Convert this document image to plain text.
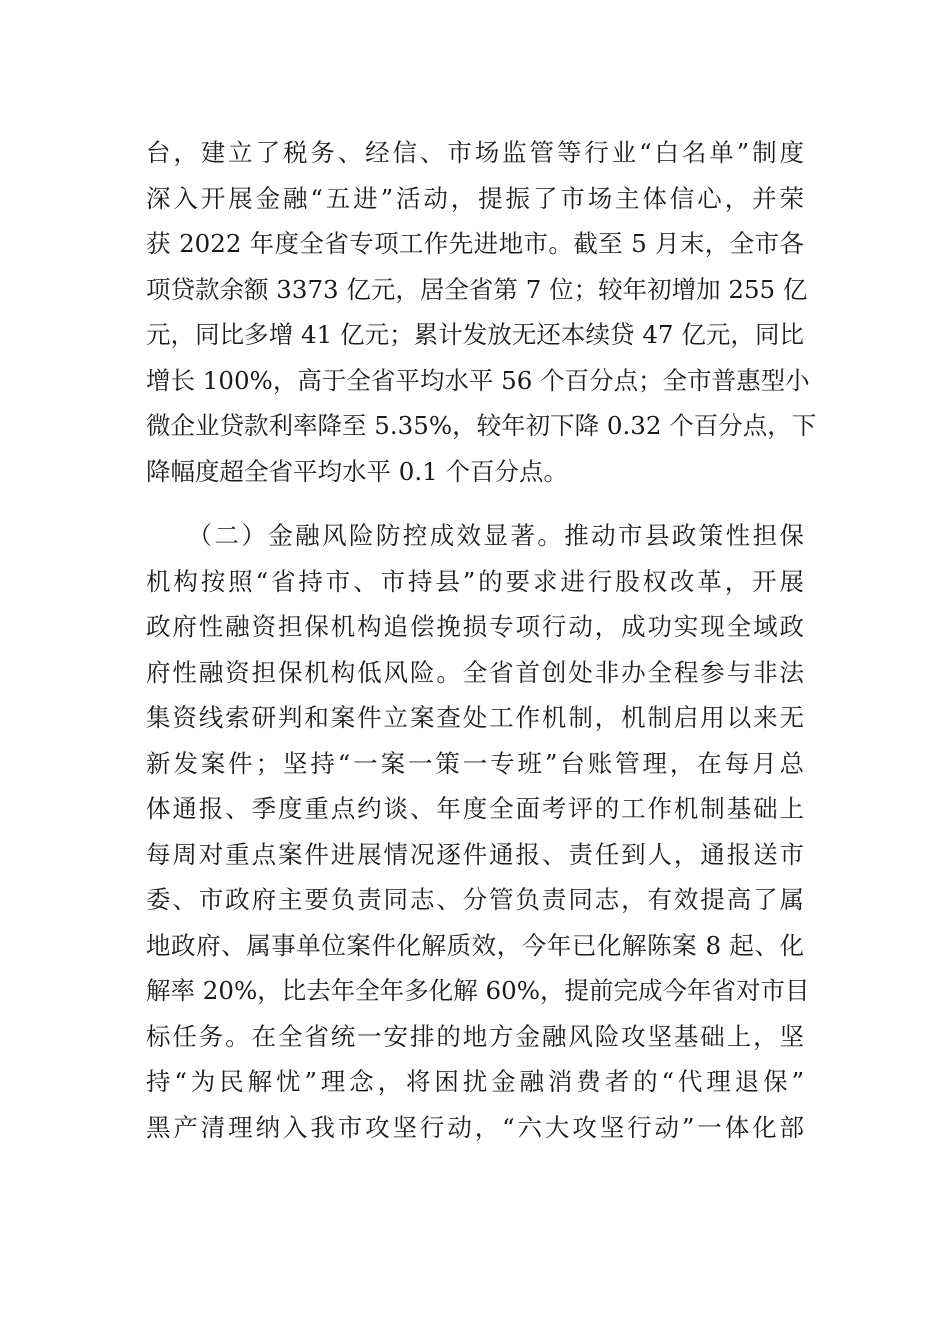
台，建立了税务、经信、市场监管等行业“白名单”制度
深入开展金融“五进”活动，提振了市场主体信心，并荣
获 2022 年度全省专项工作先进地市。截至 5 月末，全市各
项贷款余额 3373 亿元，居全省第 7 位；较年初增加 255 亿
元，同比多增 41 亿元；累计发放无还本续贷 47 亿元，同比
增长 100%，高于全省平均水平 56 个百分点；全市普惠型小
微企业贷款利率降至 5.35%，较年初下降 0.32 个百分点，下
降幅度超全省平均水平 0.1 个百分点。
　　（二）金融风险防控成效显著。推动市县政策性担保
机构按照“省持市、市持县”的要求进行股权改革，开展
政府性融资担保机构追偿挽损专项行动，成功实现全域政
府性融资担保机构低风险。全省首创处非办全程参与非法
集资线索研判和案件立案查处工作机制，机制启用以来无
新发案件；坚持“一案一策一专班”台账管理，在每月总
体通报、季度重点约谈、年度全面考评的工作机制基础上
每周对重点案件进展情况逐件通报、责任到人，通报送市
委、市政府主要负责同志、分管负责同志，有效提高了属
地政府、属事单位案件化解质效，今年已化解陈案 8 起、化
解率 20%，比去年全年多化解 60%，提前完成今年省对市目
标任务。在全省统一安排的地方金融风险攻坚基础上，坚
持“为民解忧”理念，将困扰金融消费者的“代理退保”
黑产清理纳入我市攻坚行动，“六大攻坚行动”一体化部
